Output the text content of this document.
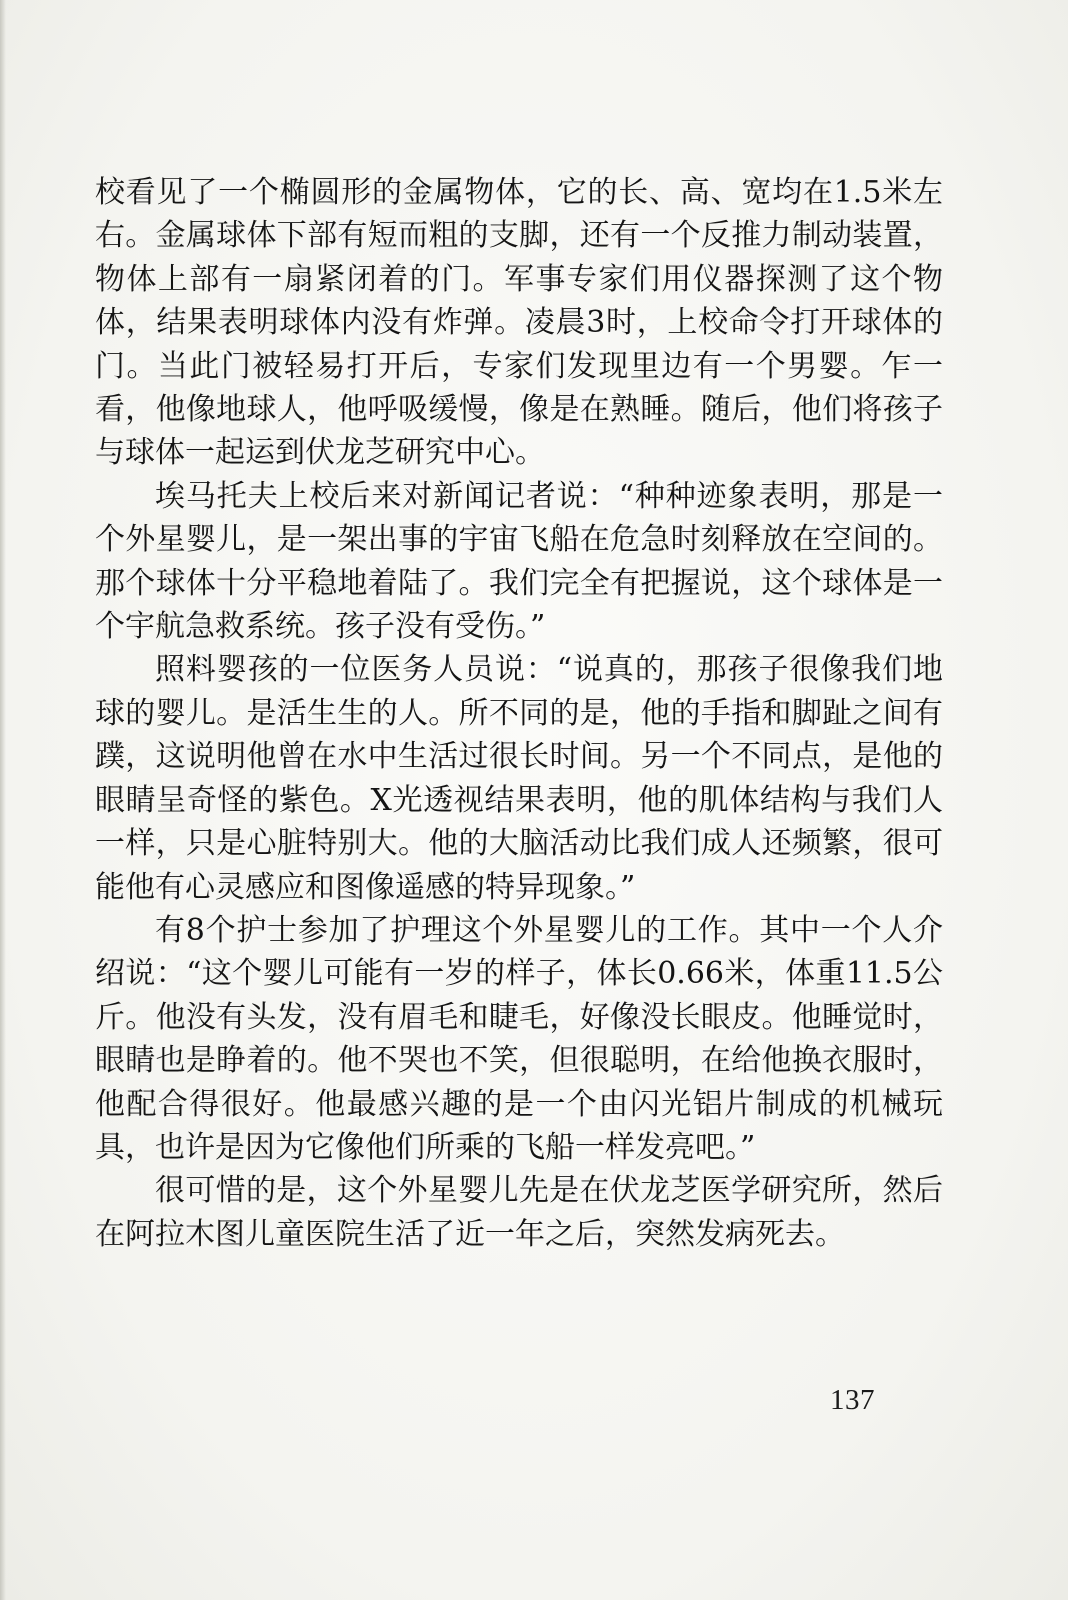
校看见了一个椭圆形的金属物体，它的长、高、宽均在1.5米左右。金属球体下部有短而粗的支脚，还有一个反推力制动装置，物体上部有一扇紧闭着的门。军事专家们用仪器探测了这个物体，结果表明球体内没有炸弹。凌晨3时，上校命令打开球体的门。当此门被轻易打开后，专家们发现里边有一个男婴。乍一看，他像地球人，他呼吸缓慢，像是在熟睡。随后，他们将孩子与球体一起运到伏龙芝研究中心。

埃马托夫上校后来对新闻记者说：“种种迹象表明，那是一个外星婴儿，是一架出事的宇宙飞船在危急时刻释放在空间的。那个球体十分平稳地着陆了。我们完全有把握说，这个球体是一个宇航急救系统。孩子没有受伤。”

照料婴孩的一位医务人员说：“说真的，那孩子很像我们地球的婴儿。是活生生的人。所不同的是，他的手指和脚趾之间有蹼，这说明他曾在水中生活过很长时间。另一个不同点，是他的眼睛呈奇怪的紫色。X光透视结果表明，他的肌体结构与我们人一样，只是心脏特别大。他的大脑活动比我们成人还频繁，很可能他有心灵感应和图像遥感的特异现象。”

有8个护士参加了护理这个外星婴儿的工作。其中一个人介绍说：“这个婴儿可能有一岁的样子，体长0.66米，体重11.5公斤。他没有头发，没有眉毛和睫毛，好像没长眼皮。他睡觉时，眼睛也是睁着的。他不哭也不笑，但很聪明，在给他换衣服时，他配合得很好。他最感兴趣的是一个由闪光铝片制成的机械玩具，也许是因为它像他们所乘的飞船一样发亮吧。”

很可惜的是，这个外星婴儿先是在伏龙芝医学研究所，然后在阿拉木图儿童医院生活了近一年之后，突然发病死去。

137
